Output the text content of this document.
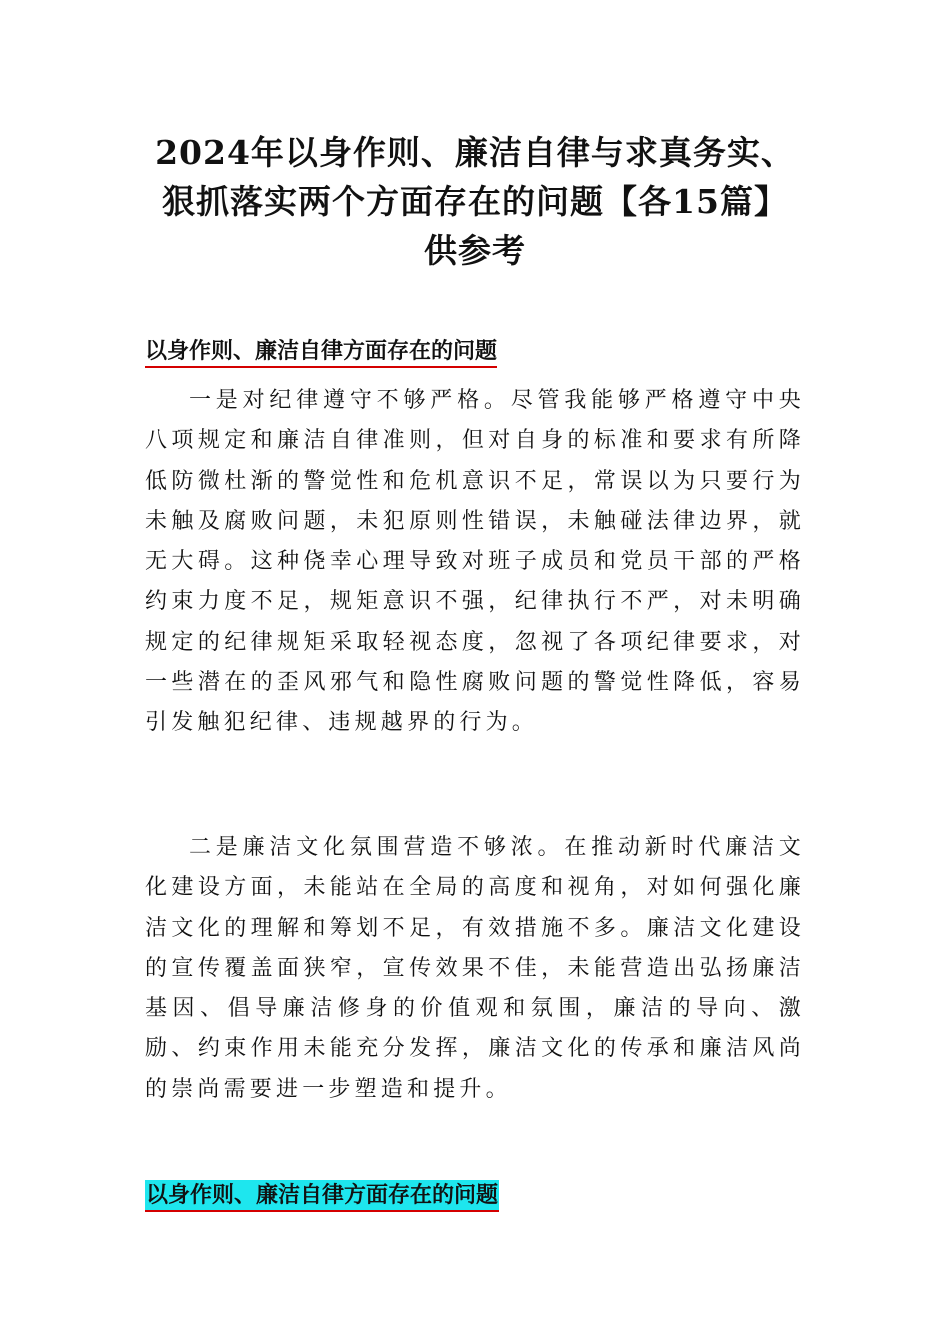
2024年以身作则、廉洁自律与求真务实、
狠抓落实两个方面存在的问题【各15篇】
供参考
以身作则、廉洁自律方面存在的问题

一是对纪律遵守不够严格。尽管我能够严格遵守中央八项规定和廉洁自律准则，但对自身的标准和要求有所降低防微杜渐的警觉性和危机意识不足，常误以为只要行为未触及腐败问题，未犯原则性错误，未触碰法律边界，就无大碍。这种侥幸心理导致对班子成员和党员干部的严格约束力度不足，规矩意识不强，纪律执行不严，对未明确规定的纪律规矩采取轻视态度，忽视了各项纪律要求，对一些潜在的歪风邪气和隐性腐败问题的警觉性降低，容易引发触犯纪律、违规越界的行为。

二是廉洁文化氛围营造不够浓。在推动新时代廉洁文化建设方面，未能站在全局的高度和视角，对如何强化廉洁文化的理解和筹划不足，有效措施不多。廉洁文化建设的宣传覆盖面狭窄，宣传效果不佳，未能营造出弘扬廉洁基因、倡导廉洁修身的价值观和氛围，廉洁的导向、激励、约束作用未能充分发挥，廉洁文化的传承和廉洁风尚的崇尚需要进一步塑造和提升。

以身作则、廉洁自律方面存在的问题
